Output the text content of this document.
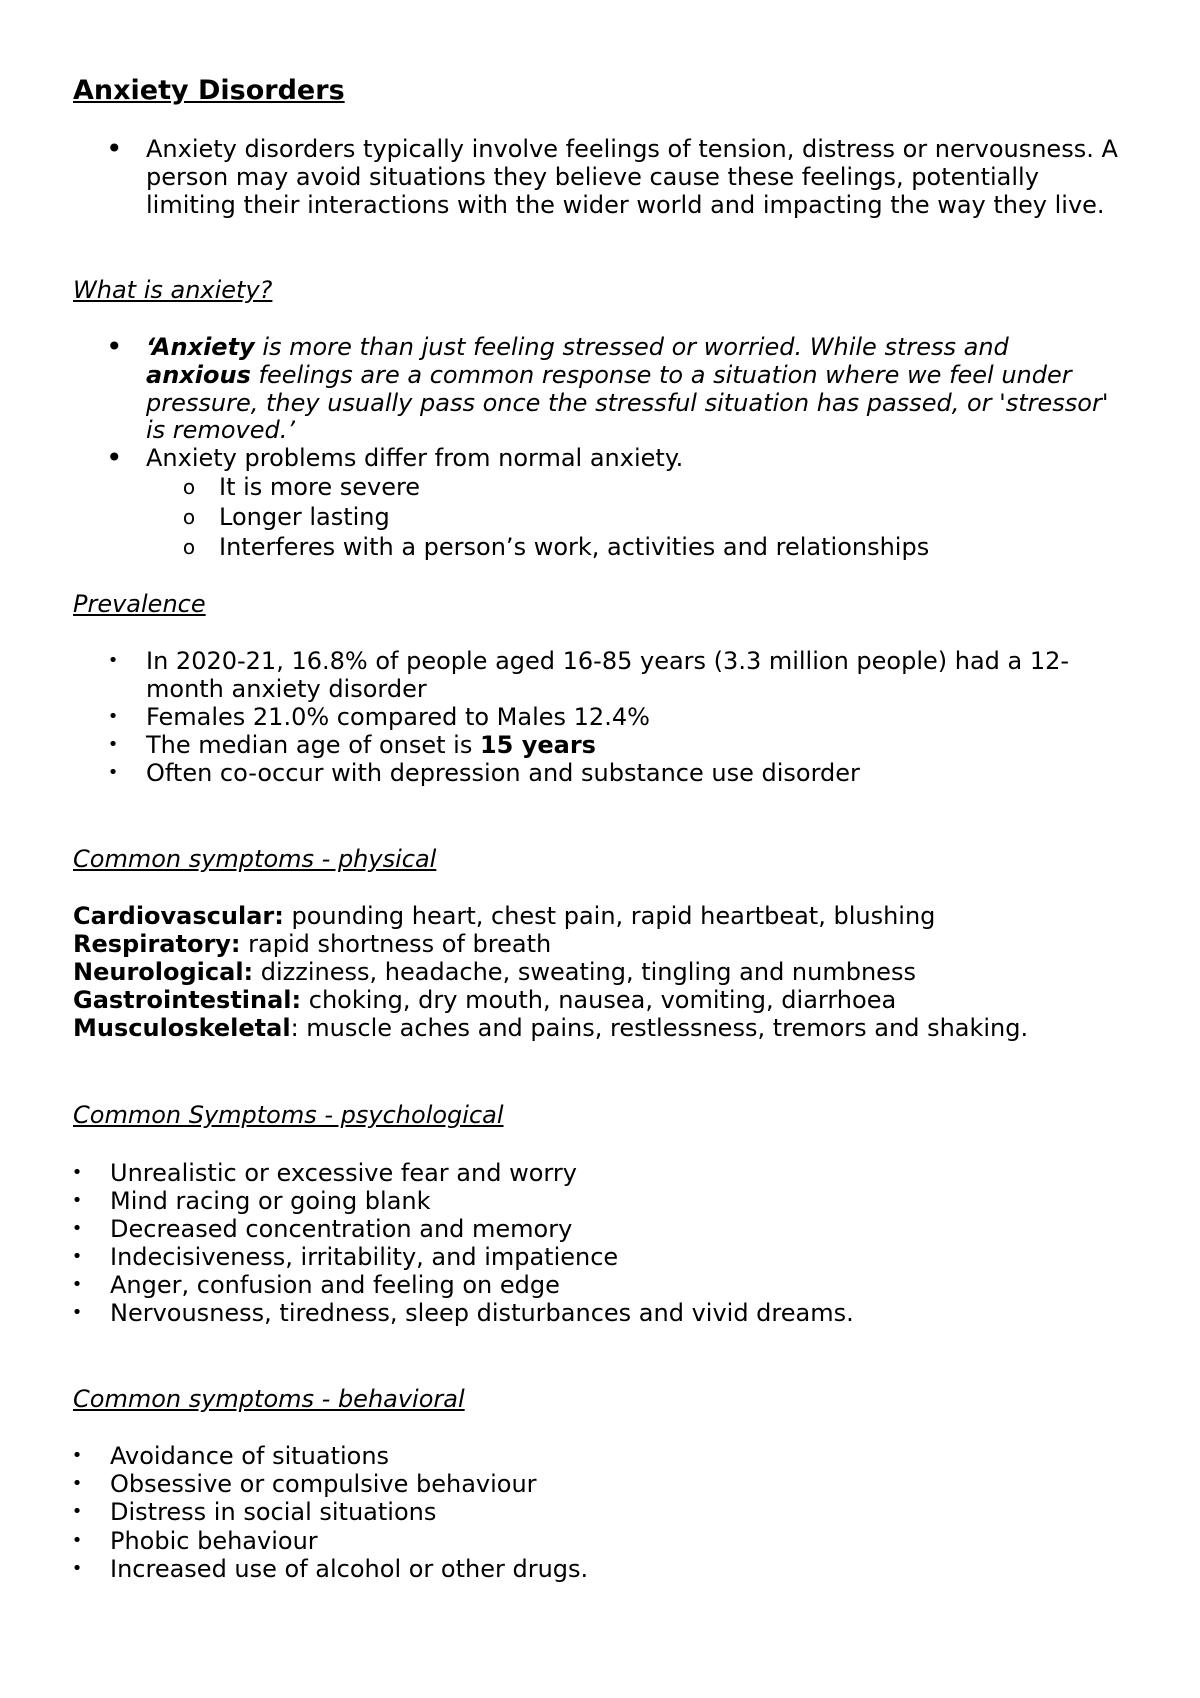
Anxiety Disorders
• Anxiety disorders typically involve feelings of tension, distress or nervousness. A
person may avoid situations they believe cause these feelings, potentially
limiting their interactions with the wider world and impacting the way they live.
What is anxiety?
• ‘Anxiety is more than just feeling stressed or worried. While stress and
anxious feelings are a common response to a situation where we feel under
pressure, they usually pass once the stressful situation has passed, or 'stressor'
is removed.’
• Anxiety problems differ from normal anxiety.
o It is more severe
o Longer lasting
o Interferes with a person’s work, activities and relationships
Prevalence
• In 2020-21, 16.8% of people aged 16-85 years (3.3 million people) had a 12-
month anxiety disorder
• Females 21.0% compared to Males 12.4%
• The median age of onset is 15 years
• Often co-occur with depression and substance use disorder
Common symptoms - physical
Cardiovascular: pounding heart, chest pain, rapid heartbeat, blushing
Respiratory: rapid shortness of breath
Neurological: dizziness, headache, sweating, tingling and numbness
Gastrointestinal: choking, dry mouth, nausea, vomiting, diarrhoea
Musculoskeletal: muscle aches and pains, restlessness, tremors and shaking.
Common Symptoms - psychological
• Unrealistic or excessive fear and worry
• Mind racing or going blank
• Decreased concentration and memory
• Indecisiveness, irritability, and impatience
• Anger, confusion and feeling on edge
• Nervousness, tiredness, sleep disturbances and vivid dreams.
Common symptoms - behavioral
• Avoidance of situations
• Obsessive or compulsive behaviour
• Distress in social situations
• Phobic behaviour
• Increased use of alcohol or other drugs.
